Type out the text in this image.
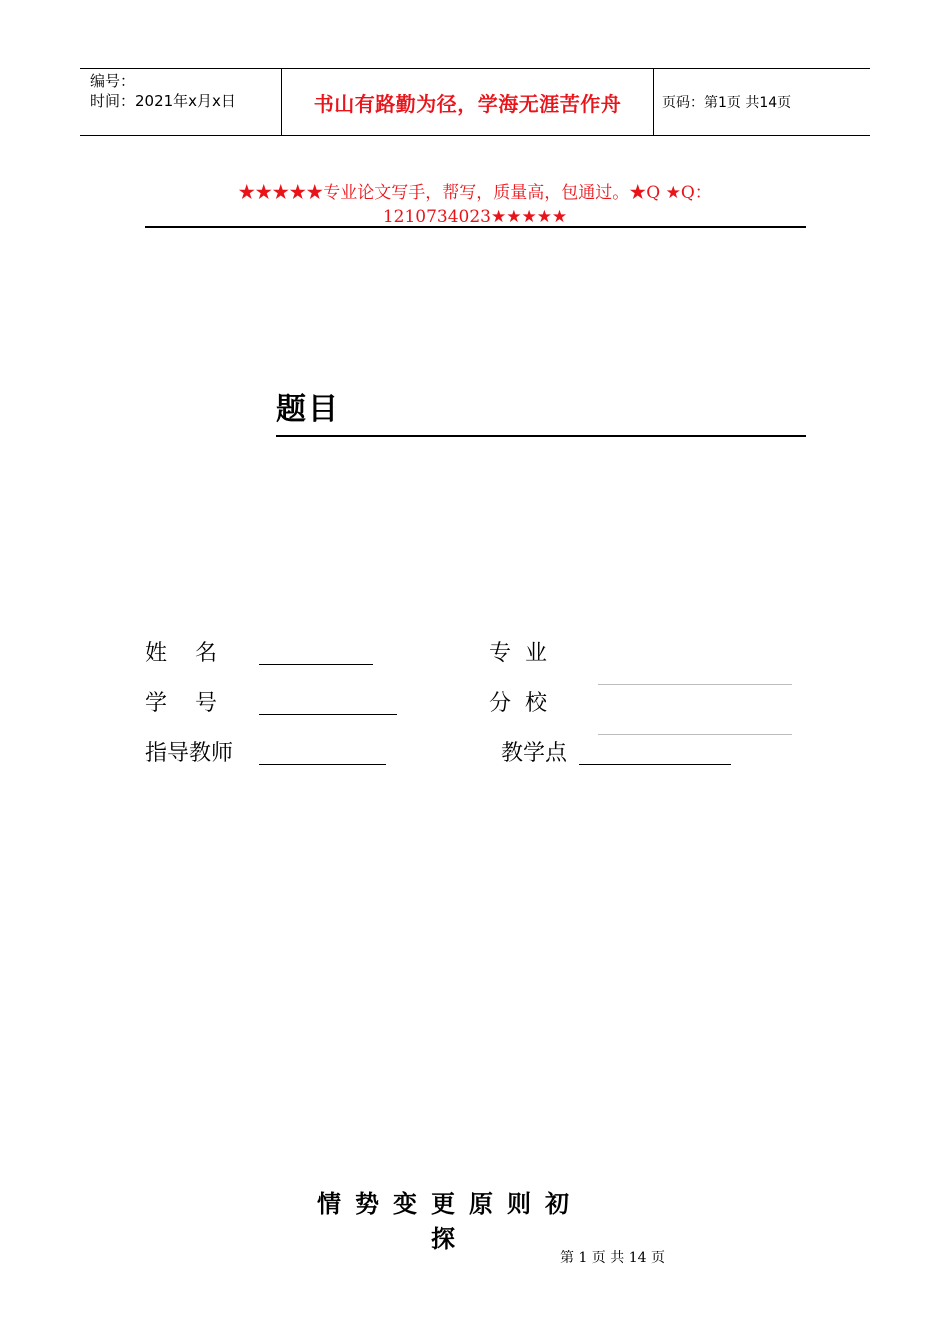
编号：
时间：2021年x月x日	书山有路勤为径，学海无涯苦作舟	页码：第1页 共14页
★★★★★专业论文写手，帮写，质量高，包通过。★Q ★Q：
1210734023★★★★★
题目
姓    名	专  业
学    号	分  校
指导教师	教学点
情势变更原则初探
第 1 页 共 14 页
